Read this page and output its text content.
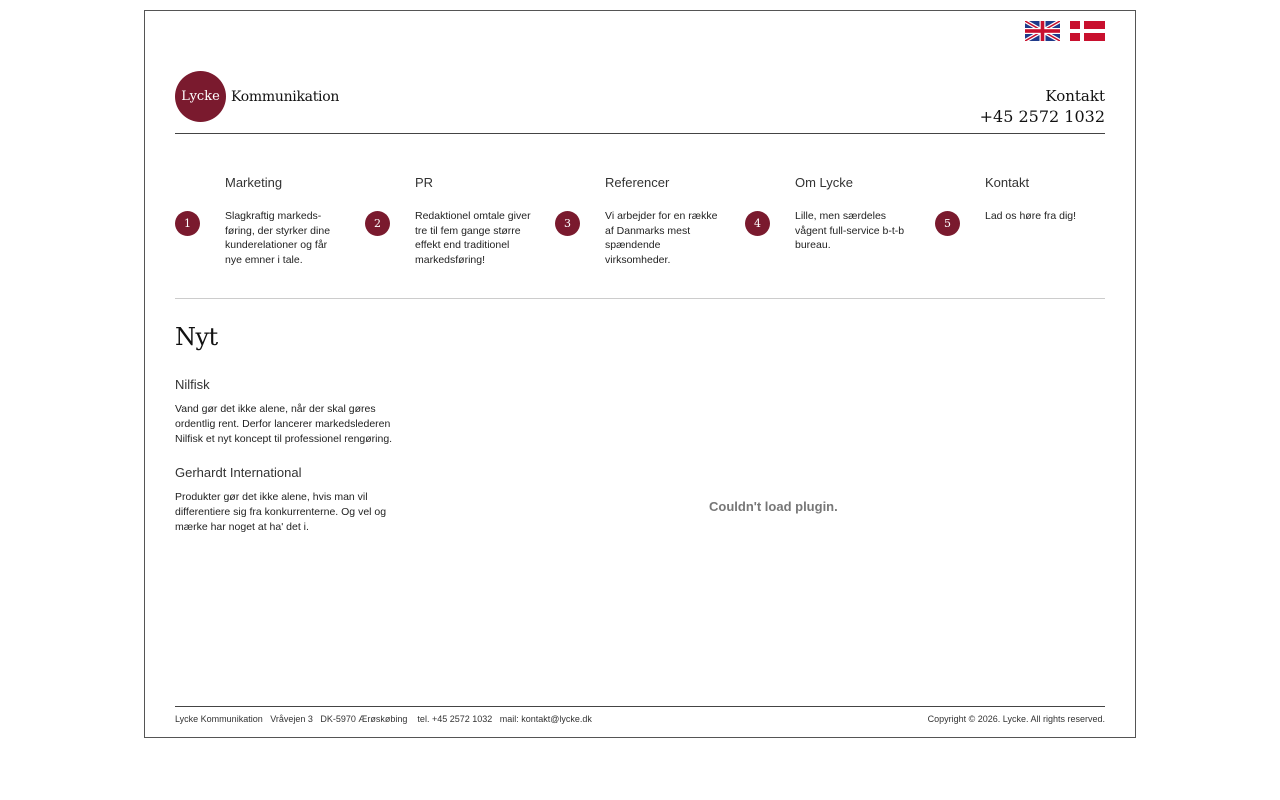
Lycke Kommunikation	Kontakt
+45 2572 1032
1
Marketing
Slagkraftig markeds-føring, der styrker dine kunderelationer og får nye emner i tale.
2
PR
Redaktionel omtale giver tre til fem gange større effekt end traditionel markedsføring!
3
Referencer
Vi arbejder for en række af Danmarks mest spændende virksomheder.
4
Om Lycke
Lille, men særdeles vågent full-service b-t-b bureau.
5
Kontakt
Lad os høre fra dig!
Nyt
Nilfisk
Vand gør det ikke alene, når der skal gøres ordentlig rent. Derfor lancerer markedslederen Nilfisk et nyt koncept til professionel rengøring.
Gerhardt International
Produkter gør det ikke alene, hvis man vil differentiere sig fra konkurrenterne. Og vel og mærke har noget at ha' det i.
Couldn't load plugin.
Lycke Kommunikation   Vråvejen 3   DK-5970 Ærøskøbing    tel. +45 2572 1032   mail: kontakt@lycke.dk	Copyright © 2026. Lycke. All rights reserved.
